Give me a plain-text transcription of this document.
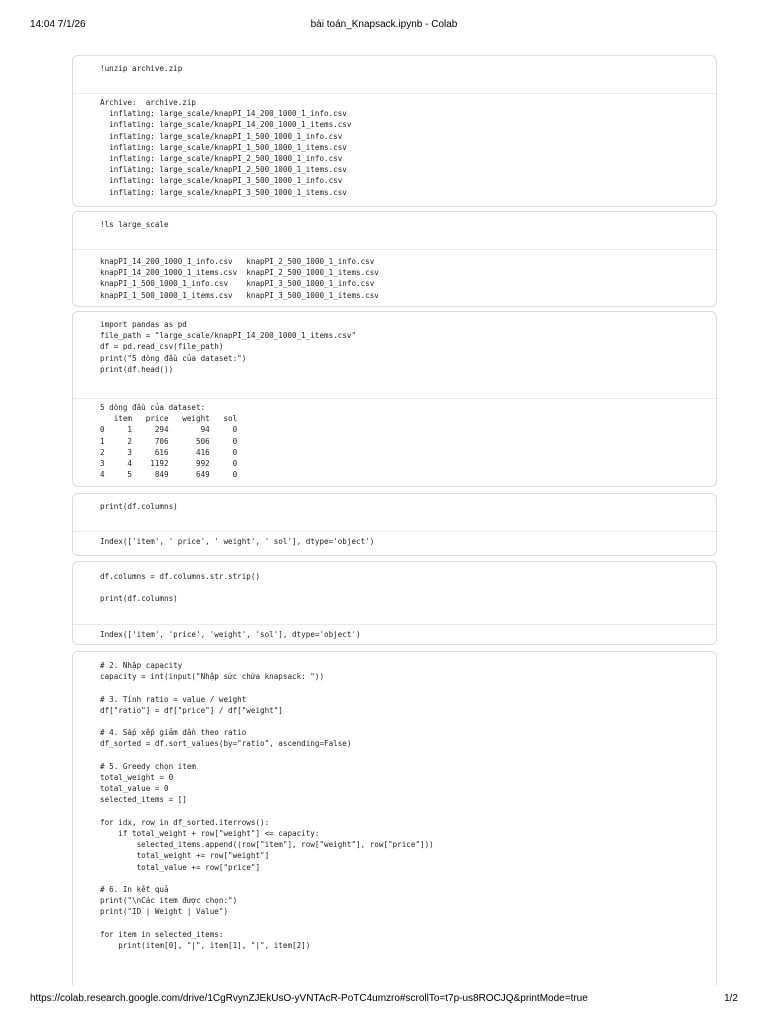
14:04 7/1/26	bài toán_Knapsack.ipynb - Colab
!unzip archive.zip
Archive:  archive.zip
inflating: large_scale/knapPI_14_200_1000_1_info.csv
inflating: large_scale/knapPI_14_200_1000_1_items.csv
inflating: large_scale/knapPI_1_500_1000_1_info.csv
inflating: large_scale/knapPI_1_500_1000_1_items.csv
inflating: large_scale/knapPI_2_500_1000_1_info.csv
inflating: large_scale/knapPI_2_500_1000_1_items.csv
inflating: large_scale/knapPI_3_500_1000_1_info.csv
inflating: large_scale/knapPI_3_500_1000_1_items.csv
!ls large_scale
knapPI_14_200_1000_1_info.csv   knapPI_2_500_1000_1_info.csv
knapPI_14_200_1000_1_items.csv  knapPI_2_500_1000_1_items.csv
knapPI_1_500_1000_1_info.csv    knapPI_3_500_1000_1_info.csv
knapPI_1_500_1000_1_items.csv   knapPI_3_500_1000_1_items.csv
import pandas as pd
file_path = "large_scale/knapPI_14_200_1000_1_items.csv"
df = pd.read_csv(file_path)
print("5 dòng đầu của dataset:")
print(df.head())
5 dòng đầu của dataset:
item   price   weight   sol
0     1     294       94     0
1     2     706      506     0
2     3     616      416     0
3     4    1192      992     0
4     5     849      649     0
print(df.columns)
Index(['item', ' price', ' weight', ' sol'], dtype='object')
df.columns = df.columns.str.strip()

print(df.columns)
Index(['item', 'price', 'weight', 'sol'], dtype='object')
# 2. Nhập capacity
capacity = int(input("Nhập sức chứa knapsack: "))

# 3. Tính ratio = value / weight
df["ratio"] = df["price"] / df["weight"]

# 4. Sắp xếp giảm dần theo ratio
df_sorted = df.sort_values(by="ratio", ascending=False)

# 5. Greedy chọn item
total_weight = 0
total_value = 0
selected_items = []

for idx, row in df_sorted.iterrows():
if total_weight + row["weight"] <= capacity:
selected_items.append((row["item"], row["weight"], row["price"]))
total_weight += row["weight"]
total_value += row["price"]

# 6. In kết quả
print("\nCác item được chọn:")
print("ID | Weight | Value")

for item in selected_items:
print(item[0], "|", item[1], "|", item[2])
https://colab.research.google.com/drive/1CgRvynZJEkUsO-yVNTAcR-PoTC4umzro#scrollTo=t7p-us8ROCJQ&printMode=true	1/2
